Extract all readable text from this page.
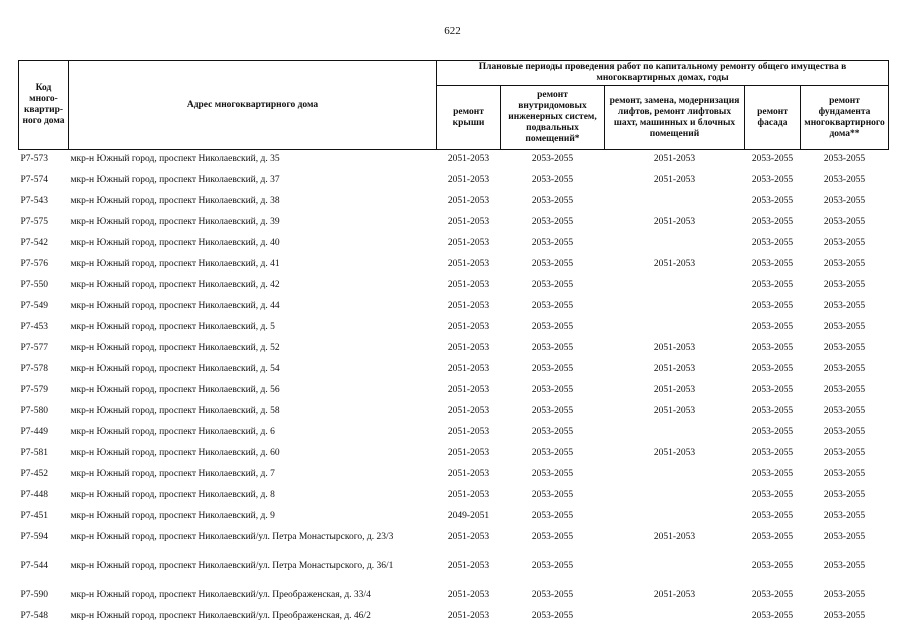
622
Код много-квартир-ного дома	Адрес многоквартирного дома	Плановые периоды проведения работ по капитальному ремонту общего имущества в многоквартирных домах, годы				
		ремонт крыши	ремонт внутридомовых инженерных систем, подвальных помещений*	ремонт, замена, модернизация лифтов, ремонт лифтовых шахт, машинных и блочных помещений	ремонт фасада	ремонт фундамента многоквартирного дома**
Р7-573	мкр-н Южный город, проспект Николаевский, д. 35	2051-2053	2053-2055	2051-2053	2053-2055	2053-2055
Р7-574	мкр-н Южный город, проспект Николаевский, д. 37	2051-2053	2053-2055	2051-2053	2053-2055	2053-2055
Р7-543	мкр-н Южный город, проспект Николаевский, д. 38	2051-2053	2053-2055		2053-2055	2053-2055
Р7-575	мкр-н Южный город, проспект Николаевский, д. 39	2051-2053	2053-2055	2051-2053	2053-2055	2053-2055
Р7-542	мкр-н Южный город, проспект Николаевский, д. 40	2051-2053	2053-2055		2053-2055	2053-2055
Р7-576	мкр-н Южный город, проспект Николаевский, д. 41	2051-2053	2053-2055	2051-2053	2053-2055	2053-2055
Р7-550	мкр-н Южный город, проспект Николаевский, д. 42	2051-2053	2053-2055		2053-2055	2053-2055
Р7-549	мкр-н Южный город, проспект Николаевский, д. 44	2051-2053	2053-2055		2053-2055	2053-2055
Р7-453	мкр-н Южный город, проспект Николаевский, д. 5	2051-2053	2053-2055		2053-2055	2053-2055
Р7-577	мкр-н Южный город, проспект Николаевский, д. 52	2051-2053	2053-2055	2051-2053	2053-2055	2053-2055
Р7-578	мкр-н Южный город, проспект Николаевский, д. 54	2051-2053	2053-2055	2051-2053	2053-2055	2053-2055
Р7-579	мкр-н Южный город, проспект Николаевский, д. 56	2051-2053	2053-2055	2051-2053	2053-2055	2053-2055
Р7-580	мкр-н Южный город, проспект Николаевский, д. 58	2051-2053	2053-2055	2051-2053	2053-2055	2053-2055
Р7-449	мкр-н Южный город, проспект Николаевский, д. 6	2051-2053	2053-2055		2053-2055	2053-2055
Р7-581	мкр-н Южный город, проспект Николаевский, д. 60	2051-2053	2053-2055	2051-2053	2053-2055	2053-2055
Р7-452	мкр-н Южный город, проспект Николаевский, д. 7	2051-2053	2053-2055		2053-2055	2053-2055
Р7-448	мкр-н Южный город, проспект Николаевский, д. 8	2051-2053	2053-2055		2053-2055	2053-2055
Р7-451	мкр-н Южный город, проспект Николаевский, д. 9	2049-2051	2053-2055		2053-2055	2053-2055
Р7-594	мкр-н Южный город, проспект Николаевский/ул. Петра Монастырского, д. 23/3	2051-2053	2053-2055	2051-2053	2053-2055	2053-2055
Р7-544	мкр-н Южный город, проспект Николаевский/ул. Петра Монастырского, д. 36/1	2051-2053	2053-2055		2053-2055	2053-2055
Р7-590	мкр-н Южный город, проспект Николаевский/ул. Преображенская, д. 33/4	2051-2053	2053-2055	2051-2053	2053-2055	2053-2055
Р7-548	мкр-н Южный город, проспект Николаевский/ул. Преображенская, д. 46/2	2051-2053	2053-2055		2053-2055	2053-2055
